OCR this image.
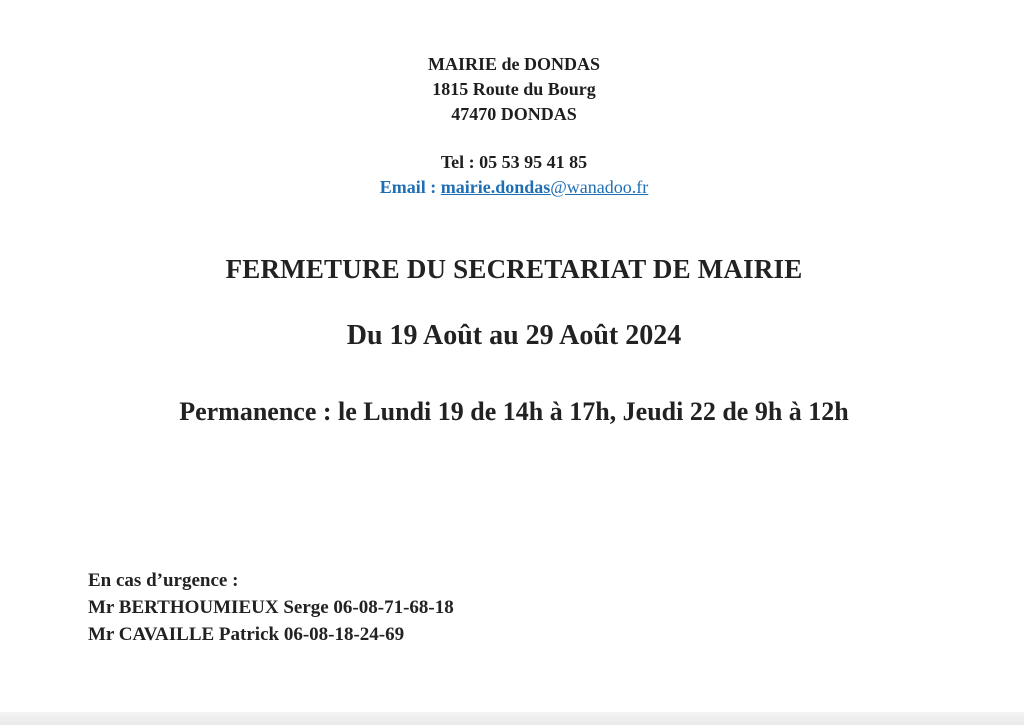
MAIRIE de DONDAS
1815 Route du Bourg
47470 DONDAS
Tel : 05 53 95 41 85
Email : mairie.dondas@wanadoo.fr
FERMETURE DU SECRETARIAT DE MAIRIE
Du 19 Août au 29 Août 2024
Permanence : le Lundi 19 de 14h à 17h, Jeudi 22 de 9h à 12h
En cas d’urgence :
Mr BERTHOUMIEUX Serge 06-08-71-68-18
Mr CAVAILLE Patrick 06-08-18-24-69
